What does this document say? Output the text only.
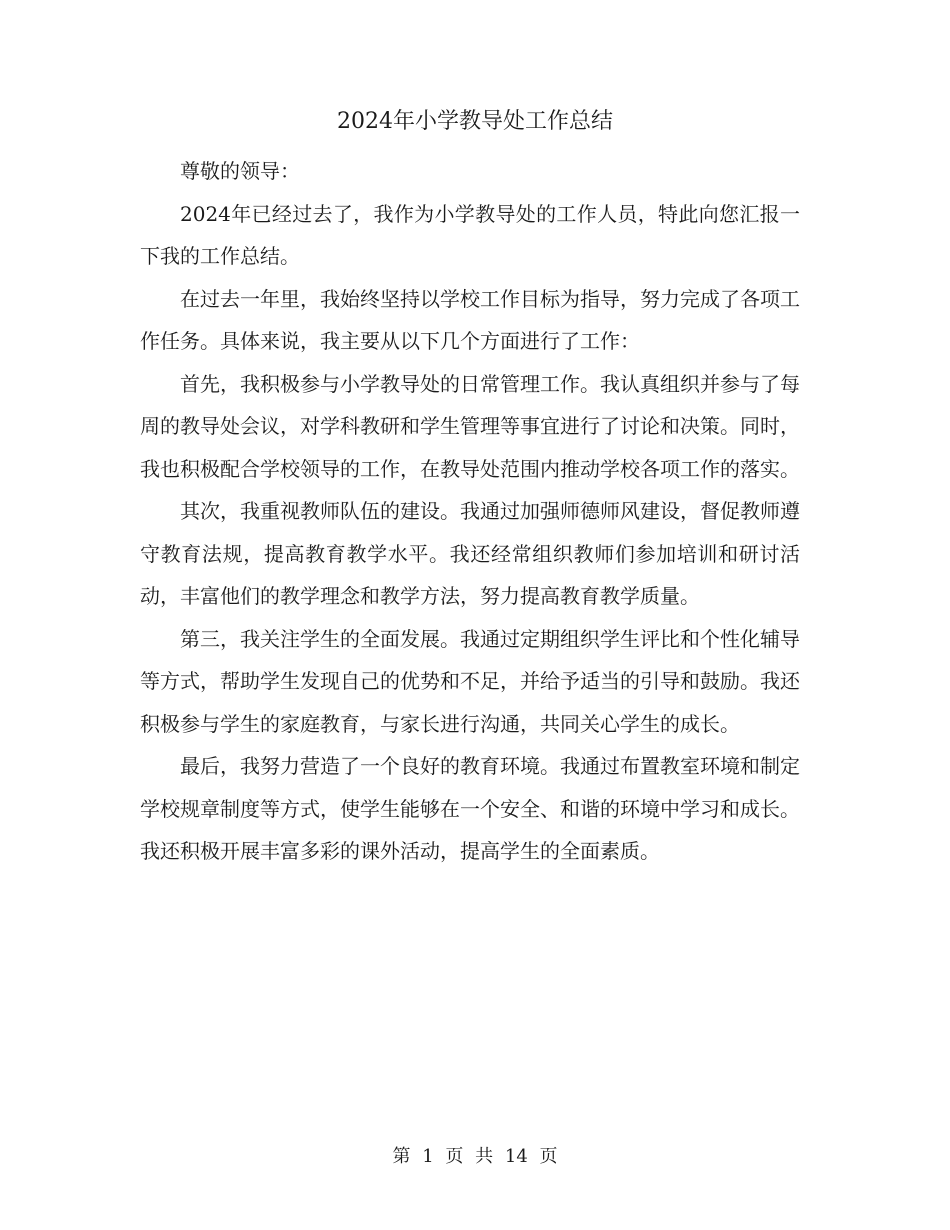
2024年小学教导处工作总结

尊敬的领导：

2024年已经过去了，我作为小学教导处的工作人员，特此向您汇报一下我的工作总结。

在过去一年里，我始终坚持以学校工作目标为指导，努力完成了各项工作任务。具体来说，我主要从以下几个方面进行了工作：

首先，我积极参与小学教导处的日常管理工作。我认真组织并参与了每周的教导处会议，对学科教研和学生管理等事宜进行了讨论和决策。同时，我也积极配合学校领导的工作，在教导处范围内推动学校各项工作的落实。

其次，我重视教师队伍的建设。我通过加强师德师风建设，督促教师遵守教育法规，提高教育教学水平。我还经常组织教师们参加培训和研讨活动，丰富他们的教学理念和教学方法，努力提高教育教学质量。

第三，我关注学生的全面发展。我通过定期组织学生评比和个性化辅导等方式，帮助学生发现自己的优势和不足，并给予适当的引导和鼓励。我还积极参与学生的家庭教育，与家长进行沟通，共同关心学生的成长。

最后，我努力营造了一个良好的教育环境。我通过布置教室环境和制定学校规章制度等方式，使学生能够在一个安全、和谐的环境中学习和成长。我还积极开展丰富多彩的课外活动，提高学生的全面素质。

第 1 页 共 14 页
